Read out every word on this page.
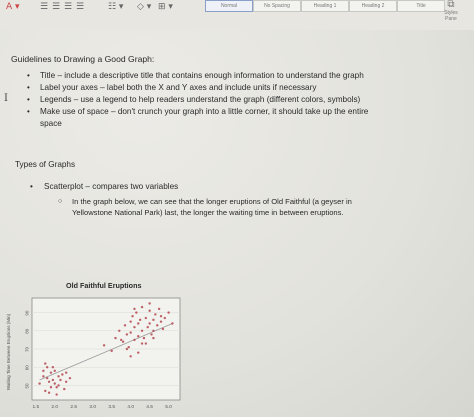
A ▾ ☰ ☰ ☰ ☰	☷ ▾ ◇ ▾ ⊞ ▾	Normal	No Spacing	Heading 1	Heading 2	Title	⧉
Styles
Pane
Guidelines to Drawing a Good Graph:
• Title – include a descriptive title that contains enough information to understand the graph
• Label your axes – label both the X and Y axes and include units if necessary
I • Legends – use a legend to help readers understand the graph (different colors, symbols)
• Make use of space – don't crunch your graph into a little corner, it should take up the entire space
Types of Graphs
• Scatterplot – compares two variables
○	In the graph below, we can see that the longer eruptions of Old Faithful (a geyser in Yellowstone National Park) last, the longer the waiting time in between eruptions.
Old Faithful Eruptions
50
60
70
80
90
1.5	2.0	2.5	3.0	3.5	4.0	4.5	5.0
Waiting Time Between Eruptions (Min)
